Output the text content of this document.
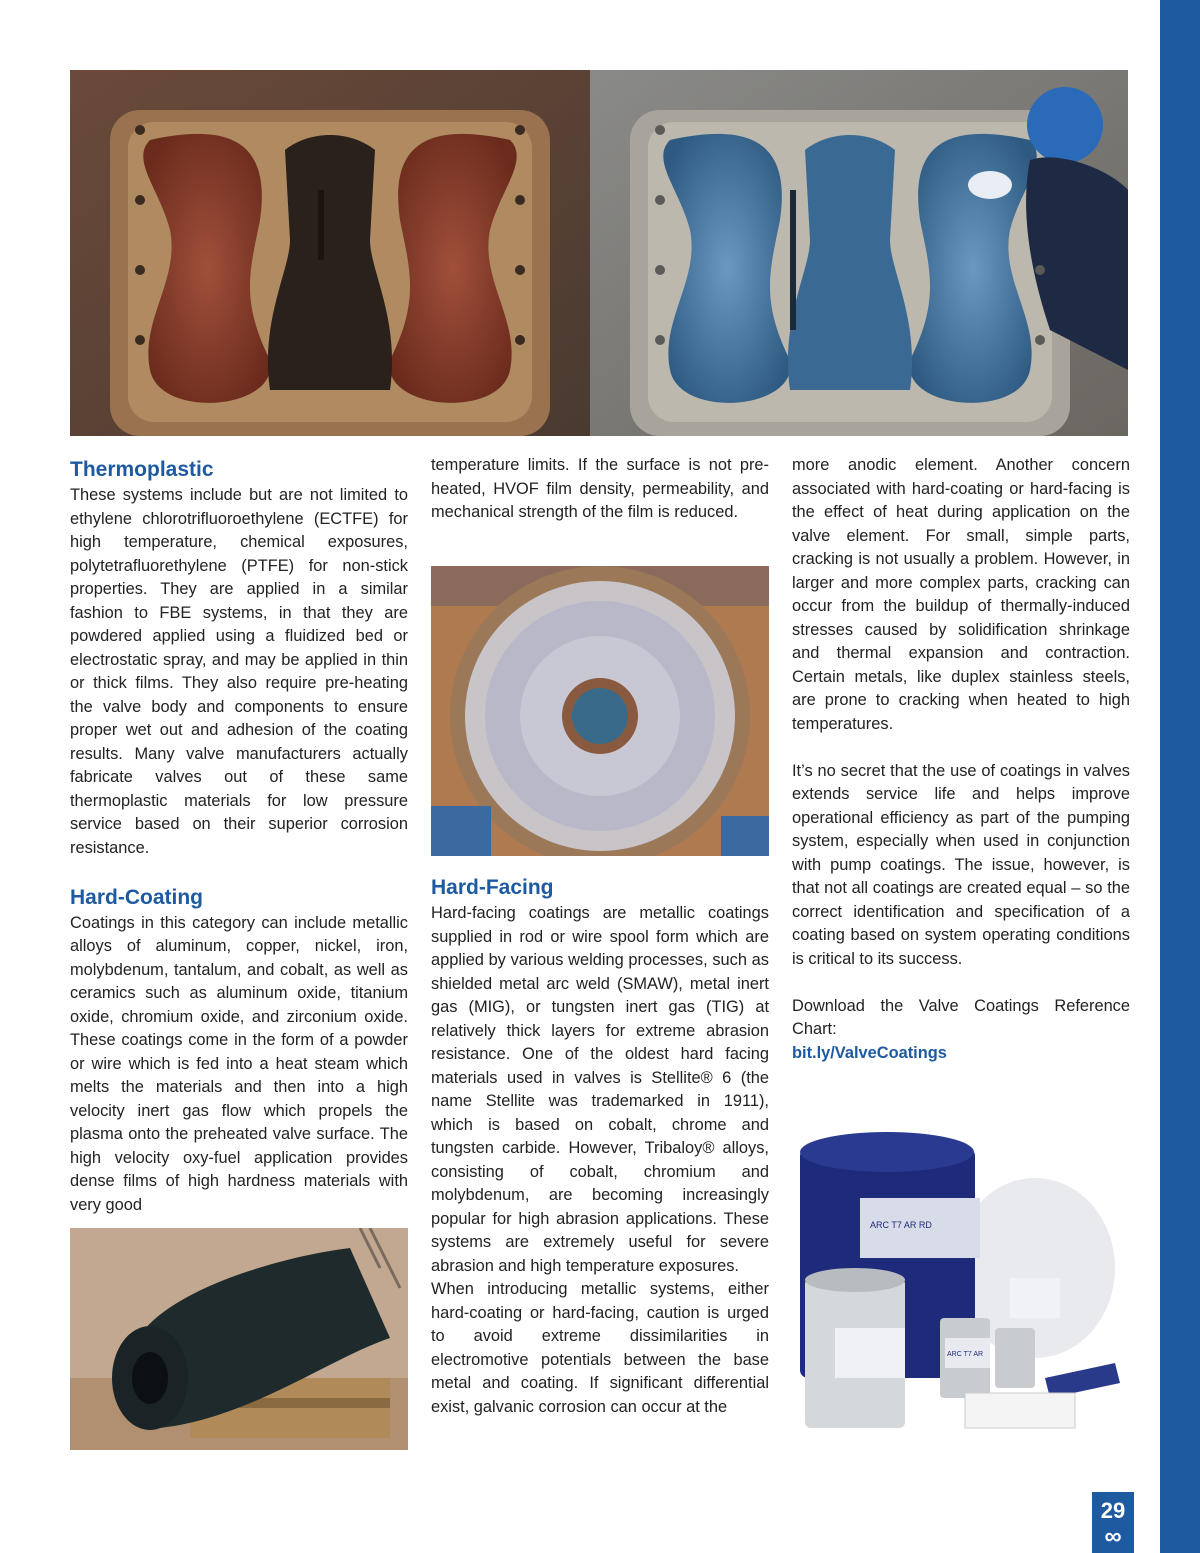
Thermoplastic

These systems include but are not limited to ethylene chlorotrifluoroethylene (ECTFE) for high temperature, chemical exposures, polytetrafluorethylene (PTFE) for non-stick properties. They are applied in a similar fashion to FBE systems, in that they are powdered applied using a fluidized bed or electrostatic spray, and may be applied in thin or thick films. They also require pre-heating the valve body and components to ensure proper wet out and adhesion of the coating results. Many valve manufacturers actually fabricate valves out of these same thermoplastic materials for low pressure service based on their superior corrosion resistance.

Hard-Coating

Coatings in this category can include metallic alloys of aluminum, copper, nickel, iron, molybdenum, tantalum, and cobalt, as well as ceramics such as aluminum oxide, titanium oxide, chromium oxide, and zirconium oxide. These coatings come in the form of a powder or wire which is fed into a heat steam which melts the materials and then into a high velocity inert gas flow which propels the plasma onto the preheated valve surface. The high velocity oxy-fuel application provides dense films of high hardness materials with very good

temperature limits. If the surface is not pre-heated, HVOF film density, permeability, and mechanical strength of the film is reduced.

Hard-Facing

Hard-facing coatings are metallic coatings supplied in rod or wire spool form which are applied by various welding processes, such as shielded metal arc weld (SMAW), metal inert gas (MIG), or tungsten inert gas (TIG) at relatively thick layers for extreme abrasion resistance. One of the oldest hard facing materials used in valves is Stellite® 6 (the name Stellite was trademarked in 1911), which is based on cobalt, chrome and tungsten carbide. However, Tribaloy® alloys, consisting of cobalt, chromium and molybdenum, are becoming increasingly popular for high abrasion applications. These systems are extremely useful for severe abrasion and high temperature exposures.

When introducing metallic systems, either hard-coating or hard-facing, caution is urged to avoid extreme dissimilarities in electromotive potentials between the base metal and coating. If significant differential exist, galvanic corrosion can occur at the

more anodic element. Another concern associated with hard-coating or hard-facing is the effect of heat during application on the valve element. For small, simple parts, cracking is not usually a problem. However, in larger and more complex parts, cracking can occur from the buildup of thermally-induced stresses caused by solidification shrinkage and thermal expansion and contraction. Certain metals, like duplex stainless steels, are prone to cracking when heated to high temperatures.

It’s no secret that the use of coatings in valves extends service life and helps improve operational efficiency as part of the pumping system, especially when used in conjunction with pump coatings. The issue, however, is that not all coatings are created equal – so the correct identification and specification of a coating based on system operating conditions is critical to its success.

Download the Valve Coatings Reference Chart:

bit.ly/ValveCoatings

ARC T7 AR RD
ARC T7 AR
29
∞
